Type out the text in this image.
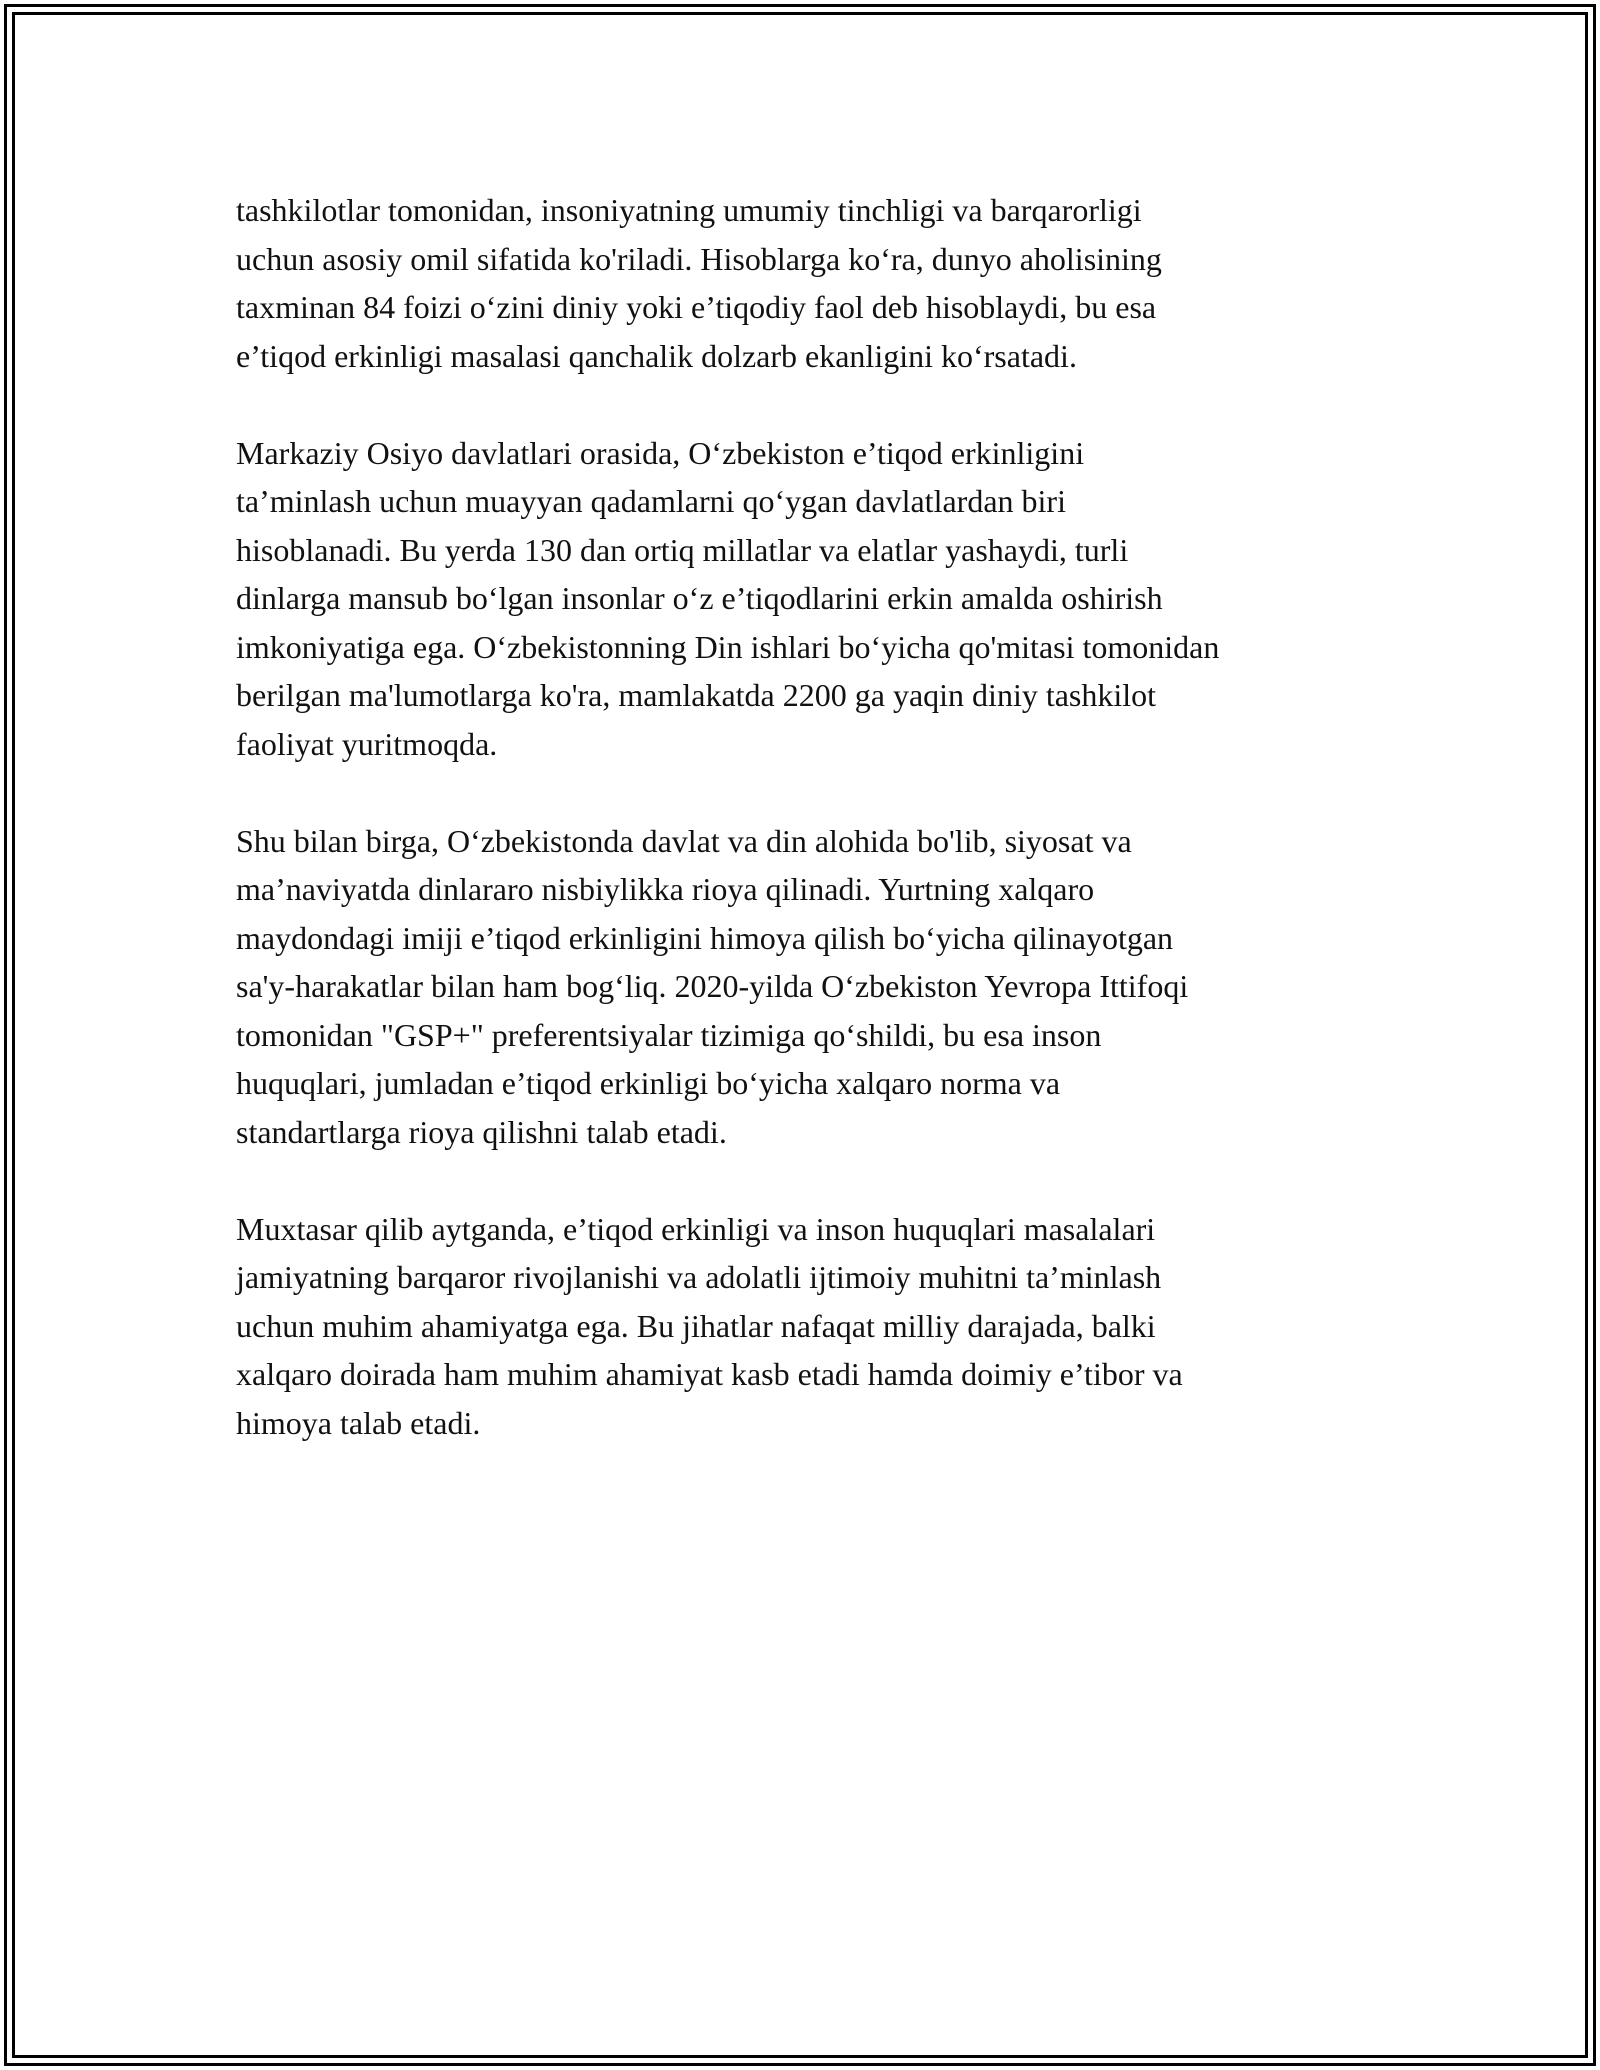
tashkilotlar tomonidan, insoniyatning umumiy tinchligi va barqarorligi
uchun asosiy omil sifatida ko'riladi. Hisoblarga ko‘ra, dunyo aholisining
taxminan 84 foizi o‘zini diniy yoki e’tiqodiy faol deb hisoblaydi, bu esa
e’tiqod erkinligi masalasi qanchalik dolzarb ekanligini ko‘rsatadi.

Markaziy Osiyo davlatlari orasida, O‘zbekiston e’tiqod erkinligini
ta’minlash uchun muayyan qadamlarni qo‘ygan davlatlardan biri
hisoblanadi. Bu yerda 130 dan ortiq millatlar va elatlar yashaydi, turli
dinlarga mansub bo‘lgan insonlar o‘z e’tiqodlarini erkin amalda oshirish
imkoniyatiga ega. O‘zbekistonning Din ishlari bo‘yicha qo'mitasi tomonidan
berilgan ma'lumotlarga ko'ra, mamlakatda 2200 ga yaqin diniy tashkilot
faoliyat yuritmoqda.

Shu bilan birga, O‘zbekistonda davlat va din alohida bo'lib, siyosat va
ma’naviyatda dinlararo nisbiylikka rioya qilinadi. Yurtning xalqaro
maydondagi imiji e’tiqod erkinligini himoya qilish bo‘yicha qilinayotgan
sa'y-harakatlar bilan ham bog‘liq. 2020-yilda O‘zbekiston Yevropa Ittifoqi
tomonidan "GSP+" preferentsiyalar tizimiga qo‘shildi, bu esa inson
huquqlari, jumladan e’tiqod erkinligi bo‘yicha xalqaro norma va
standartlarga rioya qilishni talab etadi.

Muxtasar qilib aytganda, e’tiqod erkinligi va inson huquqlari masalalari
jamiyatning barqaror rivojlanishi va adolatli ijtimoiy muhitni ta’minlash
uchun muhim ahamiyatga ega. Bu jihatlar nafaqat milliy darajada, balki
xalqaro doirada ham muhim ahamiyat kasb etadi hamda doimiy e’tibor va
himoya talab etadi.
